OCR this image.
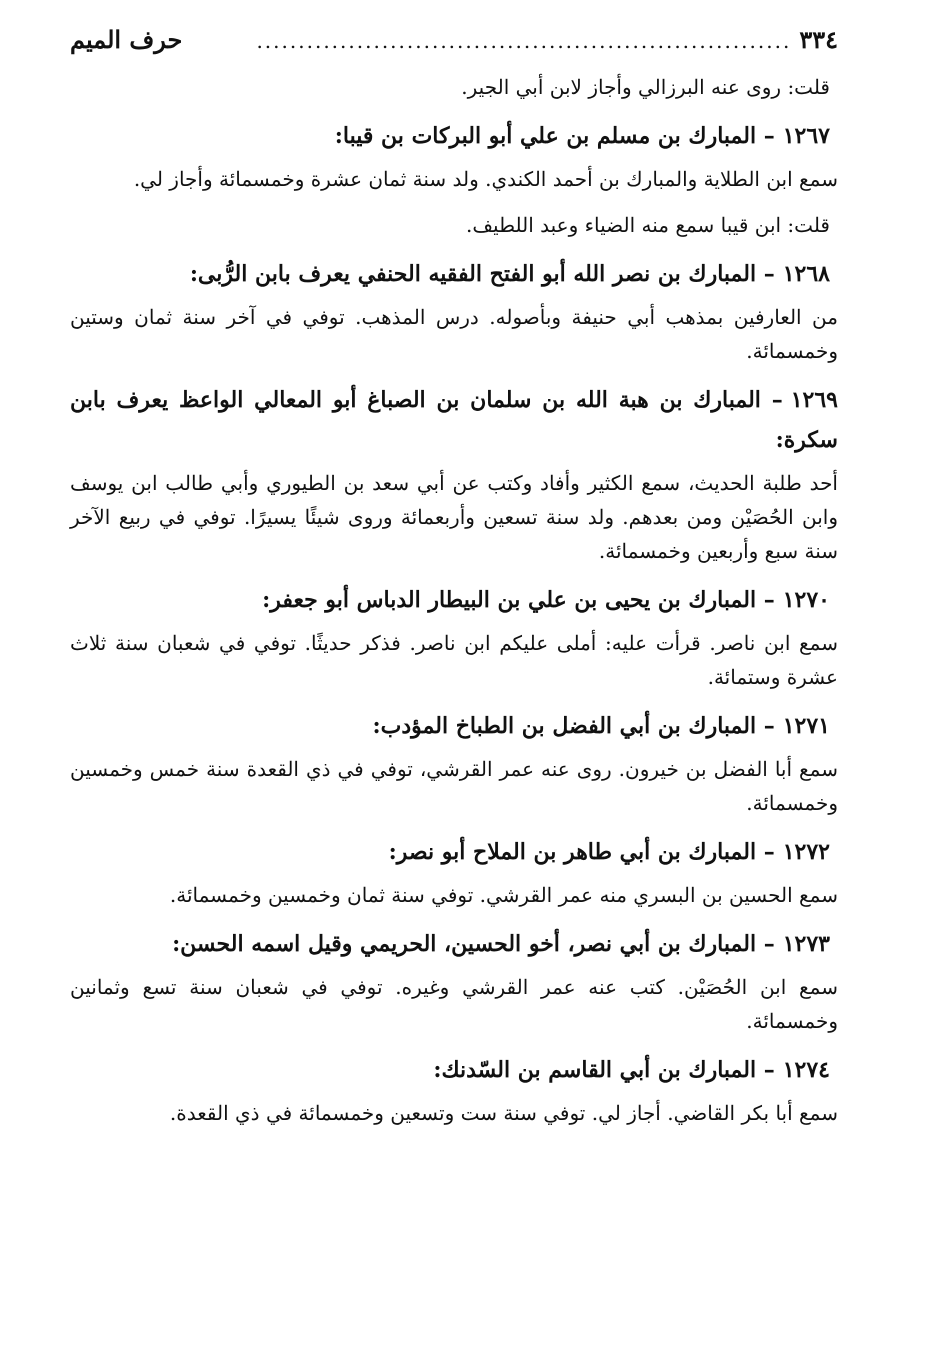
٣٣٤
................................................................
حرف الميم
قلت: روى عنه البرزالي وأجاز لابن أبي الجير.
١٢٦٧– المبارك بن مسلم بن علي أبو البركات بن قيبا:
سمع ابن الطلاية والمبارك بن أحمد الكندي. ولد سنة ثمان عشرة وخمسمائة وأجاز لي.
قلت: ابن قيبا سمع منه الضياء وعبد اللطيف.
١٢٦٨– المبارك بن نصر الله أبو الفتح الفقيه الحنفي يعرف بابن الرُّبى:
من العارفين بمذهب أبي حنيفة وبأصوله. درس المذهب. توفي في آخر سنة ثمان وستين وخمسمائة.
١٢٦٩– المبارك بن هبة الله بن سلمان بن الصباغ أبو المعالي الواعظ يعرف بابن سكرة:
أحد طلبة الحديث، سمع الكثير وأفاد وكتب عن أبي سعد بن الطيوري وأبي طالب ابن يوسف وابن الحُصَيْن ومن بعدهم. ولد سنة تسعين وأربعمائة وروى شيئًا يسيرًا. توفي في ربيع الآخر سنة سبع وأربعين وخمسمائة.
١٢٧٠– المبارك بن يحيى بن علي بن البيطار الدباس أبو جعفر:
سمع ابن ناصر. قرأت عليه: أملى عليكم ابن ناصر. فذكر حديثًا. توفي في شعبان سنة ثلاث عشرة وستمائة.
١٢٧١– المبارك بن أبي الفضل بن الطباخ المؤدب:
سمع أبا الفضل بن خيرون. روى عنه عمر القرشي، توفي في ذي القعدة سنة خمس وخمسين وخمسمائة.
١٢٧٢– المبارك بن أبي طاهر بن الملاح أبو نصر:
سمع الحسين بن البسري منه عمر القرشي. توفي سنة ثمان وخمسين وخمسمائة.
١٢٧٣– المبارك بن أبي نصر، أخو الحسين، الحريمي وقيل اسمه الحسن:
سمع ابن الحُصَيْن. كتب عنه عمر القرشي وغيره. توفي في شعبان سنة تسع وثمانين وخمسمائة.
١٢٧٤– المبارك بن أبي القاسم بن السّدنك:
سمع أبا بكر القاضي. أجاز لي. توفي سنة ست وتسعين وخمسمائة في ذي القعدة.
